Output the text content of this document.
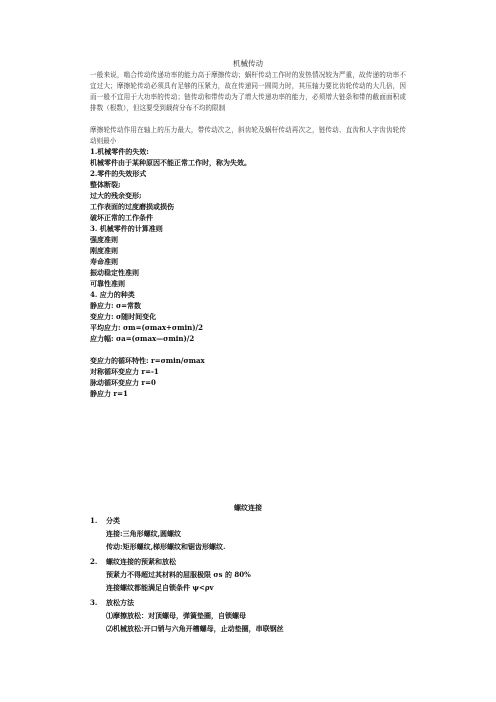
机械传动
一般来说，啮合传动传递功率的能力高于摩擦传动；蜗杆传动工作时的发热情况较为严重，故传递的功率不宜过大；摩擦轮传动必须具有足够的压紧力，故在传递同一圆周力时，其压轴力要比齿轮传动的大几倍，因而一般不宜用于大功率的传动；链传动和带传动为了增大传递功率的能力，必须增大链条和带的截面面积或排数（根数），但这要受到载荷分布不均的限制
摩擦轮传动作用在轴上的压力最大，带传动次之，斜齿轮及蜗杆传动再次之，链传动、直齿和人字齿齿轮传动则最小
1.机械零件的失效:
机械零件由于某种原因不能正常工作时，称为失效。
2.零件的失效形式
整体断裂;
过大的残余变形;
工作表面的过度磨损或损伤
破坏正常的工作条件
3. 机械零件的计算准则
强度准则
刚度准则
寿命准则
振动稳定性准则
可靠性准则
4. 应力的种类
静应力: σ=常数
变应力: σ随时间变化
平均应力: σm=(σmax+σmin)/2
应力幅: σa=(σmax—σmin)/2
变应力的循环特性: r=σmin/σmax
对称循环变应力 r=-1
脉动循环变应力 r=0
静应力 r=1
螺纹连接
1. 分类
连接:三角形螺纹,圆螺纹
传动:矩形螺纹,梯形螺纹和锯齿形螺纹.
2. 螺纹连接的预紧和放松
预紧力不得超过其材料的屈服极限 σs 的 80%
连接螺纹都能满足自锁条件 ψ<ρv
3. 放松方法
⑴摩擦放松：对顶螺母，弹簧垫圈，自锁螺母
⑵机械放松:开口销与六角开槽螺母，止动垫圈，串联钢丝
